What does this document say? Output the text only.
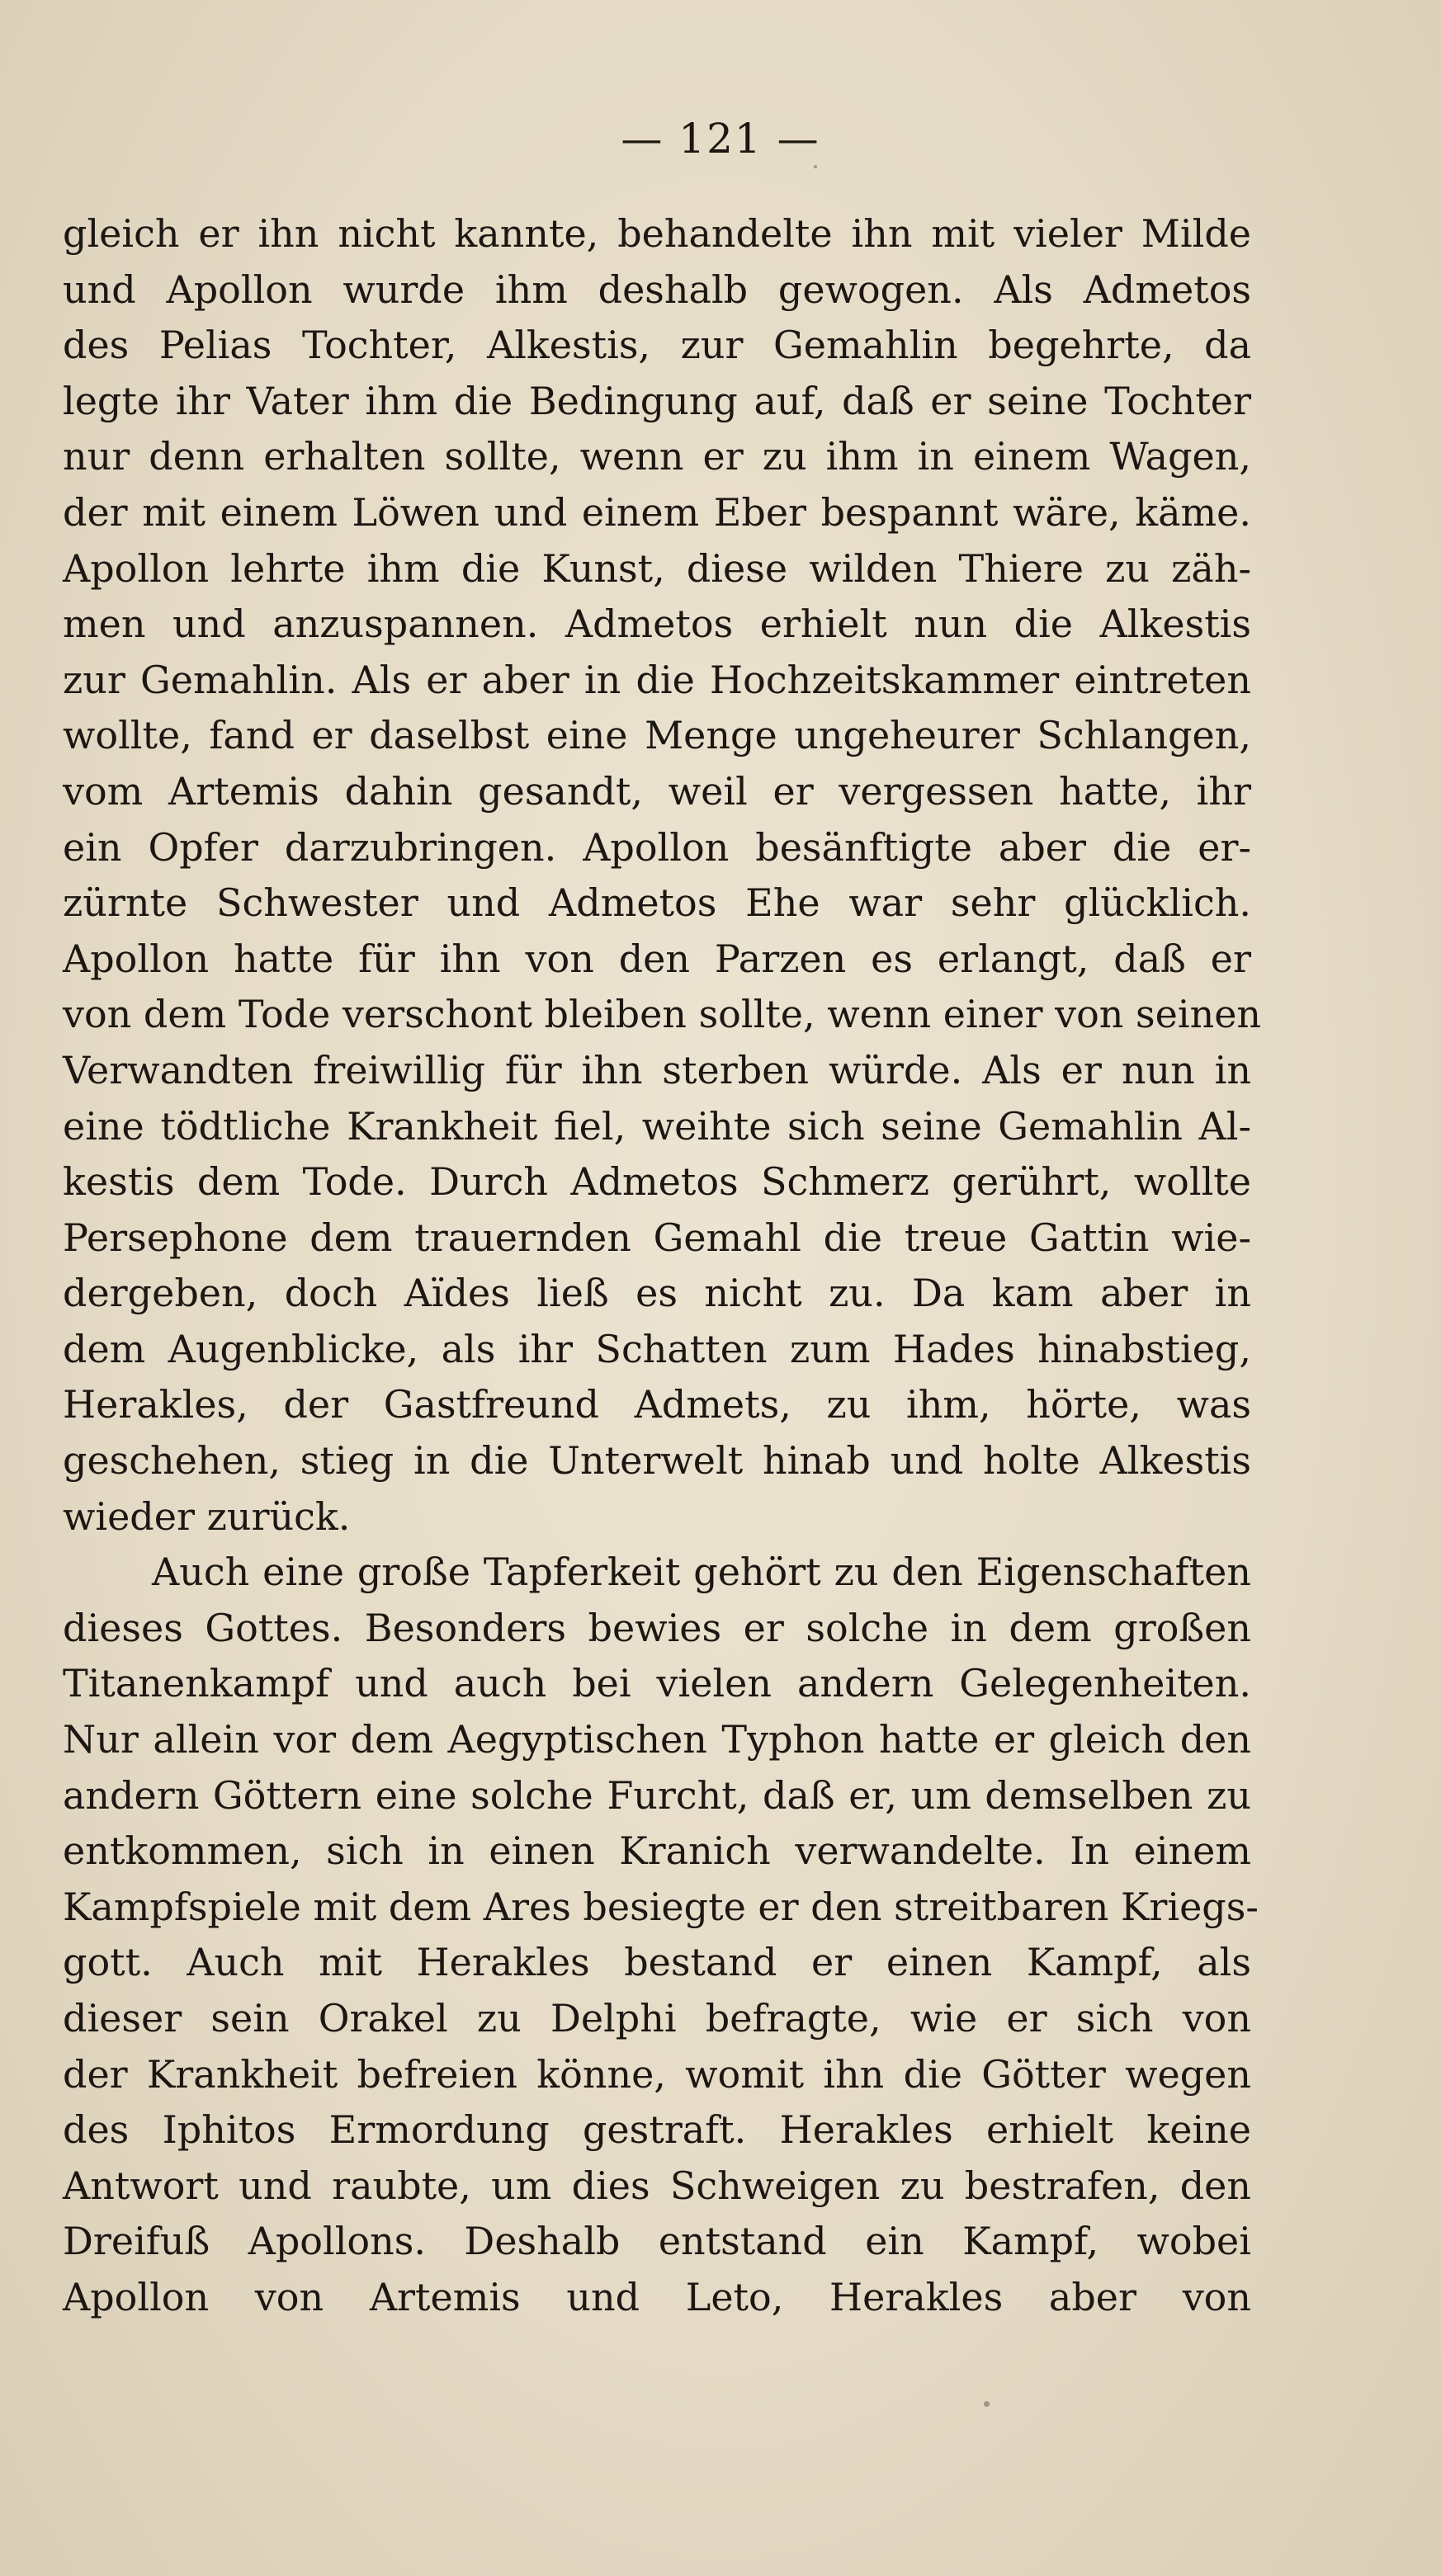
— 121 —

gleich er ihn nicht kannte, behandelte ihn mit vieler Milde
und Apollon wurde ihm deshalb gewogen. Als Admetos
des Pelias Tochter, Alkestis, zur Gemahlin begehrte, da
legte ihr Vater ihm die Bedingung auf, daß er seine Tochter
nur denn erhalten sollte, wenn er zu ihm in einem Wagen,
der mit einem Löwen und einem Eber bespannt wäre, käme.
Apollon lehrte ihm die Kunst, diese wilden Thiere zu zäh-
men und anzuspannen. Admetos erhielt nun die Alkestis
zur Gemahlin. Als er aber in die Hochzeitskammer eintreten
wollte, fand er daselbst eine Menge ungeheurer Schlangen,
vom Artemis dahin gesandt, weil er vergessen hatte, ihr
ein Opfer darzubringen. Apollon besänftigte aber die er-
zürnte Schwester und Admetos Ehe war sehr glücklich.
Apollon hatte für ihn von den Parzen es erlangt, daß er
von dem Tode verschont bleiben sollte, wenn einer von seinen
Verwandten freiwillig für ihn sterben würde. Als er nun in
eine tödtliche Krankheit fiel, weihte sich seine Gemahlin Al-
kestis dem Tode. Durch Admetos Schmerz gerührt, wollte
Persephone dem trauernden Gemahl die treue Gattin wie-
dergeben, doch Aïdes ließ es nicht zu. Da kam aber in
dem Augenblicke, als ihr Schatten zum Hades hinabstieg,
Herakles, der Gastfreund Admets, zu ihm, hörte, was
geschehen, stieg in die Unterwelt hinab und holte Alkestis
wieder zurück.
Auch eine große Tapferkeit gehört zu den Eigenschaften
dieses Gottes. Besonders bewies er solche in dem großen
Titanenkampf und auch bei vielen andern Gelegenheiten.
Nur allein vor dem Aegyptischen Typhon hatte er gleich den
andern Göttern eine solche Furcht, daß er, um demselben zu
entkommen, sich in einen Kranich verwandelte. In einem
Kampfspiele mit dem Ares besiegte er den streitbaren Kriegs-
gott. Auch mit Herakles bestand er einen Kampf, als
dieser sein Orakel zu Delphi befragte, wie er sich von
der Krankheit befreien könne, womit ihn die Götter wegen
des Iphitos Ermordung gestraft. Herakles erhielt keine
Antwort und raubte, um dies Schweigen zu bestrafen, den
Dreifuß Apollons. Deshalb entstand ein Kampf, wobei
Apollon von Artemis und Leto, Herakles aber von
